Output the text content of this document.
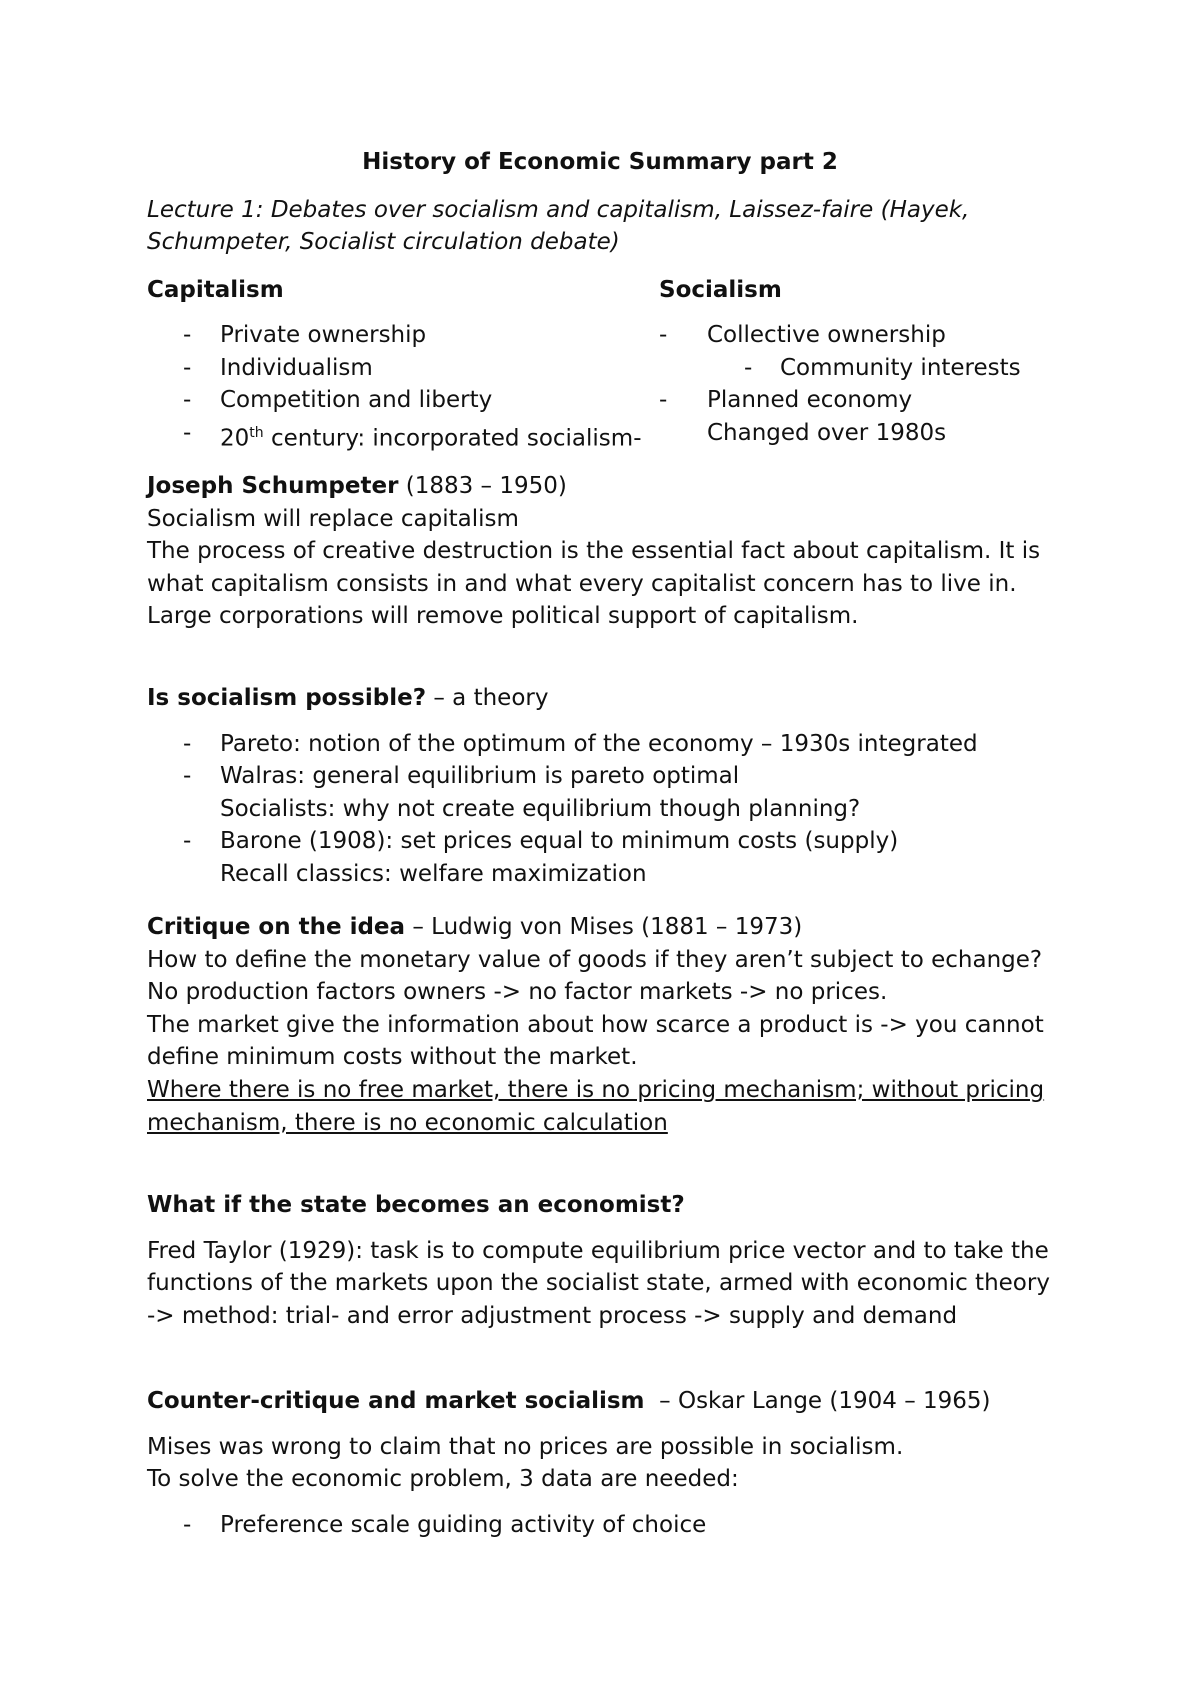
History of Economic Summary part 2
Lecture 1: Debates over socialism and capitalism, Laissez-faire (Hayek, Schumpeter, Socialist circulation debate)

Capitalism

- Private ownership
- Individualism
- Competition and liberty
- 20th century: incorporated socialism-

Socialism

- Collective ownership
- Community interests
- Planned economy
Changed over 1980s

Joseph Schumpeter (1883 – 1950)

Socialism will replace capitalism

The process of creative destruction is the essential fact about capitalism. It is what capitalism consists in and what every capitalist concern has to live in.

Large corporations will remove political support of capitalism.

Is socialism possible? – a theory

- Pareto: notion of the optimum of the economy – 1930s integrated
- Walras: general equilibrium is pareto optimal
Socialists: why not create equilibrium though planning?
- Barone (1908): set prices equal to minimum costs (supply)
Recall classics: welfare maximization

Critique on the idea – Ludwig von Mises (1881 – 1973)

How to define the monetary value of goods if they aren’t subject to echange?

No production factors owners -> no factor markets -> no prices.

The market give the information about how scarce a product is -> you cannot define minimum costs without the market.

Where there is no free market, there is no pricing mechanism; without pricing mechanism, there is no economic calculation

What if the state becomes an economist?

Fred Taylor (1929): task is to compute equilibrium price vector and to take the functions of the markets upon the socialist state, armed with economic theory

-> method: trial- and error adjustment process -> supply and demand

Counter-critique and market socialism  – Oskar Lange (1904 – 1965)

Mises was wrong to claim that no prices are possible in socialism.

To solve the economic problem, 3 data are needed:

- Preference scale guiding activity of choice
